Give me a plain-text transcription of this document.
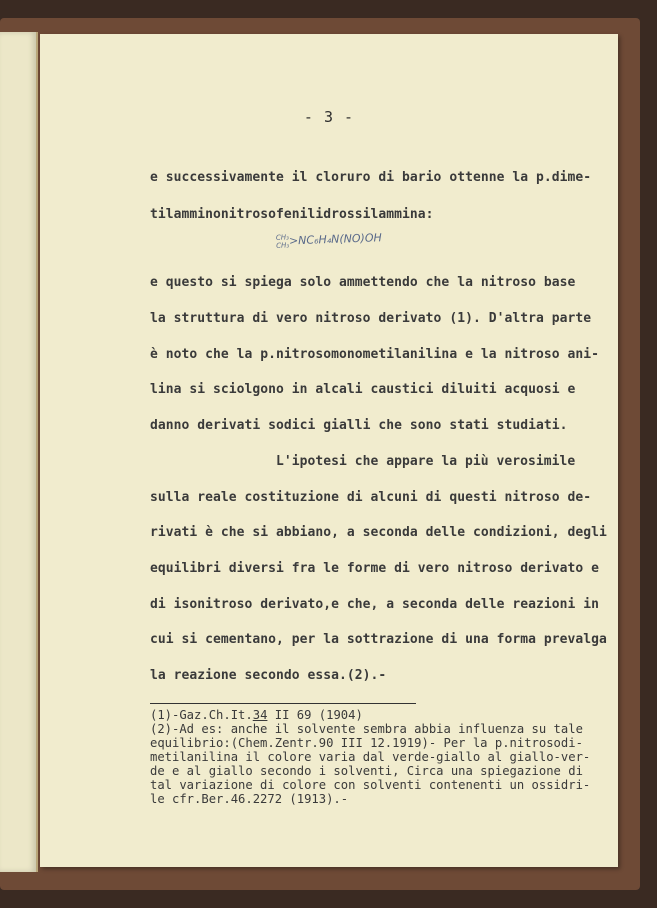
- 3 -
e successivamente il cloruro di bario ottenne la p.dime-
tilamminonitrosofenilidrossilammina:
CH₃
CH₃>NC₆H₄N(NO)OH
e questo si spiega solo ammettendo che la nitroso base
la struttura di vero nitroso derivato (1). D'altra parte
è noto che la p.nitrosomonometilanilina e la nitroso ani-
lina si sciolgono in alcali caustici diluiti acquosi e
danno derivati sodici gialli che sono stati studiati.
L'ipotesi che appare la più verosimile
sulla reale costituzione di alcuni di questi nitroso de-
rivati è che si abbiano, a seconda delle condizioni, degli
equilibri diversi fra le forme di vero nitroso derivato e
di isonitroso derivato,e che, a seconda delle reazioni in
cui si cementano, per la sottrazione di una forma prevalga
la reazione secondo essa.(2).-
(1)-Gaz.Ch.It.34 II 69 (1904)
(2)-Ad es: anche il solvente sembra abbia influenza su tale
equilibrio:(Chem.Zentr.90 III 12.1919)- Per la p.nitrosodi-
metilanilina il colore varia dal verde-giallo al giallo-ver-
de e al giallo secondo i solventi, Circa una spiegazione di
tal variazione di colore con solventi contenenti un ossidri-
le cfr.Ber.46.2272 (1913).-
